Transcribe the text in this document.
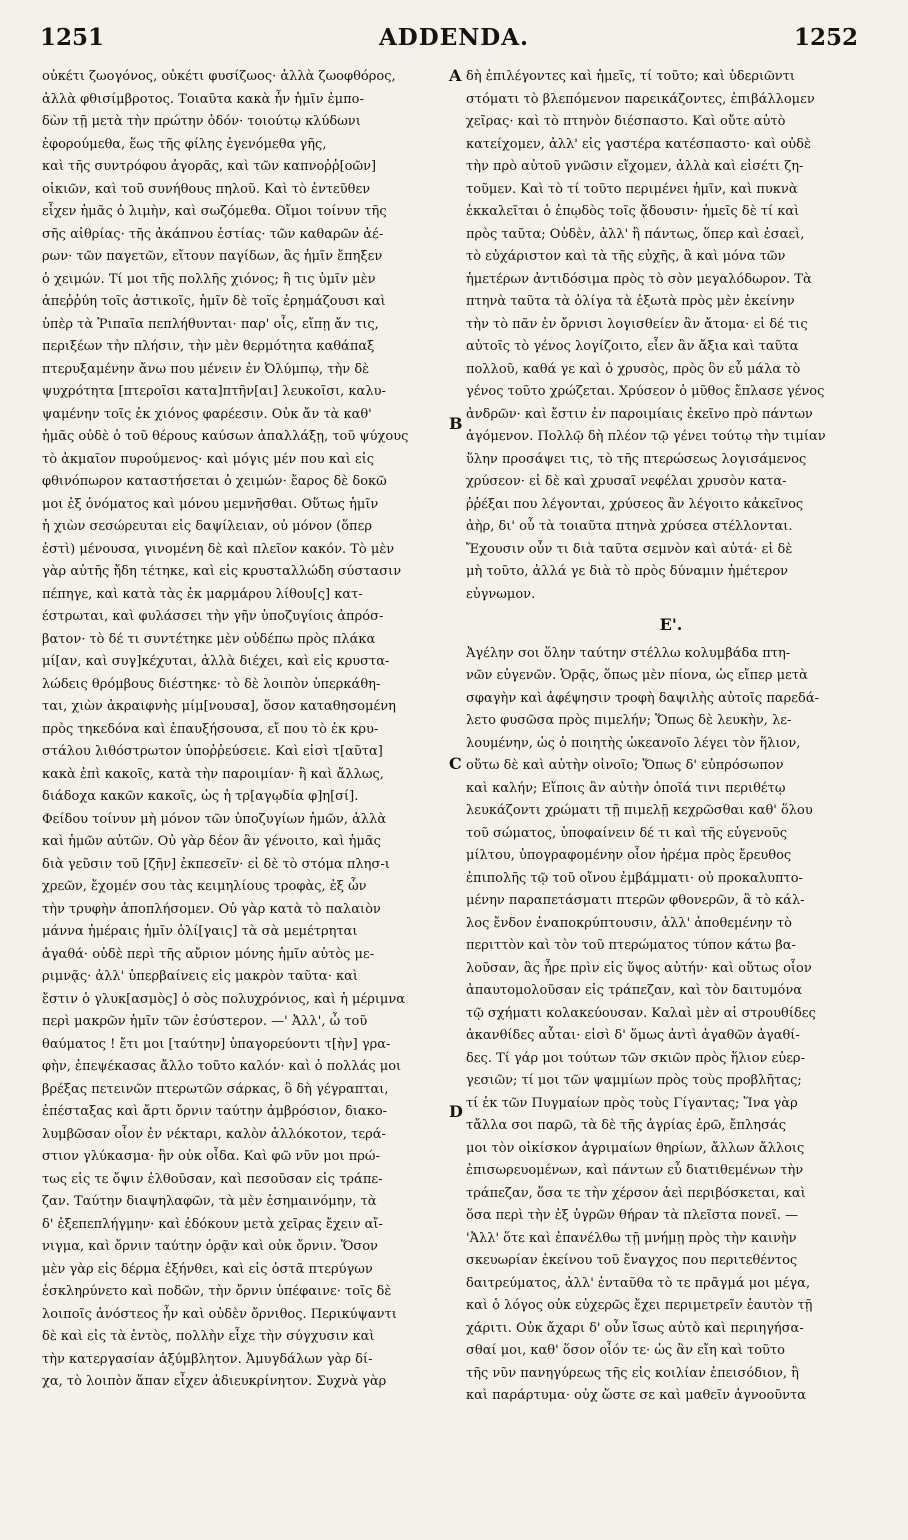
1251	ADDENDA.	1252
A
B
C
D
οὐκέτι ζωογόνος, οὐκέτι φυσίζωος· ἀλλὰ ζωοφθόρος,
ἀλλὰ φθισίμβροτος. Τοιαῦτα κακὰ ἦν ἡμῖν ἐμπο-
δὼν τῇ μετὰ τὴν πρώτην ὁδόν· τοιούτῳ κλύδωνι
ἐφορούμεθα, ἕως τῆς φίλης ἐγενόμεθα γῆς,
καὶ τῆς συντρόφου ἀγορᾶς, καὶ τῶν καπνοῤῥ[οῶν]
οἰκιῶν, καὶ τοῦ συνήθους πηλοῦ. Καὶ τὸ ἐντεῦθεν
εἶχεν ἡμᾶς ὁ λιμὴν, καὶ σωζόμεθα. Οἴμοι τοίνυν τῆς
σῆς αἰθρίας· τῆς ἀκάπνου ἑστίας· τῶν καθαρῶν ἀέ-
ρων· τῶν παγετῶν, εἴτουν παγίδων, ἃς ἡμῖν ἔπηξεν
ὁ χειμών. Τί μοι τῆς πολλῆς χιόνος; ἣ τις ὑμῖν μὲν
ἀπεῤῥύη τοῖς ἀστικοῖς, ἡμῖν δὲ τοῖς ἐρημάζουσι καὶ
ὑπὲρ τὰ Ῥιπαῖα πεπλήθυνται· παρ' οἷς, εἴπῃ ἄν τις,
περιξέων τὴν πλήσιν, τὴν μὲν θερμότητα καθάπαξ
πτερυξαμένην ἄνω που μένειν ἐν Ὀλύμπῳ, τὴν δὲ
ψυχρότητα [πτεροῖσι κατα]πτῆν[αι] λευκοῖσι, καλυ-
ψαμένην τοῖς ἐκ χιόνος φαρέεσιν. Οὐκ ἄν τὰ καθ'
ἡμᾶς οὐδὲ ὁ τοῦ θέρους καύσων ἀπαλλάξῃ, τοῦ ψύχους
τὸ ἀκμαῖον πυρούμενος· καὶ μόγις μέν που καὶ εἰς
φθινόπωρον καταστήσεται ὁ χειμών· ἔαρος δὲ δοκῶ
μοι ἐξ ὀνόματος καὶ μόνου μεμνῆσθαι. Οὕτως ἡμῖν
ἡ χιὼν σεσώρευται εἰς δαψίλειαν, οὐ μόνον (ὅπερ
ἐστὶ) μένουσα, γινομένη δὲ καὶ πλεῖον κακόν. Τὸ μὲν
γὰρ αὐτῆς ἤδη τέτηκε, καὶ εἰς κρυσταλλώδη σύστασιν
πέπηγε, καὶ κατὰ τὰς ἐκ μαρμάρου λίθου[ς] κατ-
έστρωται, καὶ φυλάσσει τὴν γῆν ὑποζυγίοις ἀπρόσ-
βατον· τὸ δέ τι συντέτηκε μὲν οὐδέπω πρὸς πλάκα
μί[αν, καὶ συγ]κέχυται, ἀλλὰ διέχει, καὶ εἰς κρυστα-
λώδεις θρόμβους διέστηκε· τὸ δὲ λοιπὸν ὑπερκάθη-
ται, χιὼν ἀκραιφνὴς μίμ[νουσα], ὅσον καταθησομένη
πρὸς τηκεδόνα καὶ ἐπαυξήσουσα, εἴ που τὸ ἐκ κρυ-
στάλου λιθόστρωτον ὑποῤῥεύσειε. Καὶ εἰσὶ τ[αῦτα]
κακὰ ἐπὶ κακοῖς, κατὰ τὴν παροιμίαν· ἢ καὶ ἄλλως,
διάδοχα κακῶν κακοῖς, ὡς ἡ τρ[αγῳδία φ]η[σί].
Φείδου τοίνυν μὴ μόνον τῶν ὑποζυγίων ἡμῶν, ἀλλὰ
καὶ ἡμῶν αὐτῶν. Οὐ γὰρ δέον ἂν γένοιτο, καὶ ἡμᾶς
διὰ γεῦσιν τοῦ [ζῆν] ἐκπεσεῖν· εἰ δὲ τὸ στόμα πλησ-ι
χρεῶν, ἔχομέν σου τὰς κειμηλίους τροφὰς, ἐξ ὧν
τὴν τρυφὴν ἀποπλήσομεν. Οὐ γὰρ κατὰ τὸ παλαιὸν
μάννα ἡμέραις ἡμῖν ὀλί[γαις] τὰ σὰ μεμέτρηται
ἀγαθά· οὐδὲ περὶ τῆς αὔριον μόνης ἡμῖν αὐτὸς με-
ριμνᾷς· ἀλλ' ὑπερβαίνεις εἰς μακρὸν ταῦτα· καὶ
ἔστιν ὁ γλυκ[ασμὸς] ὁ σὸς πολυχρόνιος, καὶ ἡ μέριμνα
περὶ μακρῶν ἡμῖν τῶν ἐσύστερον. —' Ἀλλ', ὦ τοῦ
θαύματος ! ἔτι μοι [ταύτην] ὑπαγορεύοντι τ[ὴν] γρα-
φὴν, ἐπεψέκασας ἄλλο τοῦτο καλόν· καὶ ὁ πολλάς μοι
βρέξας πετεινῶν πτερωτῶν σάρκας, ὃ δὴ γέγραπται,
ἐπέσταξας καὶ ἄρτι ὄρνιν ταύτην ἀμβρόσιον, διακο-
λυμβῶσαν οἷον ἐν νέκταρι, καλὸν ἀλλόκοτον, τερά-
στιον γλύκασμα· ἣν οὐκ οἶδα. Καὶ φῶ νῦν μοι πρώ-
τως εἰς τε ὄψιν ἐλθοῦσαν, καὶ πεσοῦσαν εἰς τράπε-
ζαν. Ταύτην διαψηλαφῶν, τὰ μὲν ἐσημαινόμην, τὰ
δ' ἐξεπεπλήγμην· καὶ ἐδόκουν μετὰ χεῖρας ἔχειν αἴ-
νιγμα, καὶ ὄρνιν ταύτην ὁρᾷν καὶ οὐκ ὄρνιν. Ὅσον
μὲν γὰρ εἰς δέρμα ἐξήνθει, καὶ εἰς ὀστᾶ πτερύγων
ἐσκληρύνετο καὶ ποδῶν, τὴν ὄρνιν ὑπέφαινε· τοῖς δὲ
λοιποῖς ἀνόστεος ἦν καὶ οὐδὲν ὄρνιθος. Περικύψαντι
δὲ καὶ εἰς τὰ ἐντὸς, πολλὴν εἶχε τὴν σύγχυσιν καὶ
τὴν κατεργασίαν ἀξύμβλητον. Ἀμυγδάλων γὰρ δί-
χα, τὸ λοιπὸν ἅπαν εἶχεν ἀδιευκρίνητον. Συχνὰ γὰρ
δὴ ἐπιλέγοντες καὶ ἡμεῖς, τί τοῦτο; καὶ ὑδεριῶντι
στόματι τὸ βλεπόμενον παρεικάζοντες, ἐπιβάλλομεν
χεῖρας· καὶ τὸ πτηνὸν διέσπαστο. Καὶ οὔτε αὐτὸ
κατείχομεν, ἀλλ' εἰς γαστέρα κατέσπαστο· καὶ οὐδὲ
τὴν πρὸ αὐτοῦ γνῶσιν εἴχομεν, ἀλλὰ καὶ εἰσέτι ζη-
τοῦμεν. Καὶ τὸ τί τοῦτο περιμένει ἡμῖν, καὶ πυκνὰ
ἐκκαλεῖται ὁ ἐπῳδὸς τοῖς ᾄδουσιν· ἡμεῖς δὲ τί καὶ
πρὸς ταῦτα; Οὐδὲν, ἀλλ' ἢ πάντως, ὅπερ καὶ ἐσαεὶ,
τὸ εὐχάριστον καὶ τὰ τῆς εὐχῆς, ἃ καὶ μόνα τῶν
ἡμετέρων ἀντιδόσιμα πρὸς τὸ σὸν μεγαλόδωρον. Τὰ
πτηνὰ ταῦτα τὰ ὀλίγα τὰ ἐξωτὰ πρὸς μὲν ἐκείνην
τὴν τὸ πᾶν ἐν ὄρνισι λογισθείεν ἂν ἄτομα· εἰ δέ τις
αὐτοῖς τὸ γένος λογίζοιτο, εἶεν ἂν ἄξια καὶ ταῦτα
πολλοῦ, καθά γε καὶ ὁ χρυσὸς, πρὸς ὃν εὖ μάλα τὸ
γένος τοῦτο χρώζεται. Χρύσεον ὁ μῦθος ἔπλασε γένος
ἀνδρῶν· καὶ ἔστιν ἐν παροιμίαις ἐκεῖνο πρὸ πάντων
ἀγόμενον. Πολλῷ δὴ πλέον τῷ γένει τούτῳ τὴν τιμίαν
ὕλην προσάψει τις, τὸ τῆς πτερώσεως λογισάμενος
χρύσεον· εἰ δὲ καὶ χρυσαῖ νεφέλαι χρυσὸν κατα-
ῤῥέξαι που λέγονται, χρύσεος ἂν λέγοιτο κἀκεῖνος
ἀὴρ, δι' οὗ τὰ τοιαῦτα πτηνὰ χρύσεα στέλλονται.
Ἔχουσιν οὖν τι διὰ ταῦτα σεμνὸν καὶ αὐτά· εἰ δὲ
μὴ τοῦτο, ἀλλά γε διὰ τὸ πρὸς δύναμιν ἡμέτερον
εὐγνωμον.
E'.
Ἀγέλην σοι ὅλην ταύτην στέλλω κολυμβάδα πτη-
νῶν εὐγενῶν. Ὁρᾷς, ὅπως μὲν πίονα, ὡς εἴπερ μετὰ
σφαγὴν καὶ ἀφέψησιν τροφὴ δαψιλὴς αὐτοῖς παρεδά-
λετο φυσῶσα πρὸς πιμελήν; Ὅπως δὲ λευκὴν, λε-
λουμένην, ὡς ὁ ποιητὴς ὠκεανοῖο λέγει τὸν ἥλιον,
οὕτω δὲ καὶ αὐτὴν οἰνοῖο; Ὅπως δ' εὐπρόσωπον
καὶ καλήν; Εἴποις ἂν αὐτὴν ὁποῖά τινι περιθέτῳ
λευκάζοντι χρώματι τῇ πιμελῇ κεχρῶσθαι καθ' ὅλου
τοῦ σώματος, ὑποφαίνειν δέ τι καὶ τῆς εὐγενοῦς
μίλτου, ὑπογραφομένην οἷον ἠρέμα πρὸς ἔρευθος
ἐπιπολῆς τῷ τοῦ οἴνου ἐμβάμματι· οὐ προκαλυπτο-
μένην παραπετάσματι πτερῶν φθονερῶν, ἃ τὸ κάλ-
λος ἔνδον ἐναποκρύπτουσιν, ἀλλ' ἀποθεμένην τὸ
περιττὸν καὶ τὸν τοῦ πτερώματος τύπον κάτω βα-
λοῦσαν, ἃς ἦρε πρὶν εἰς ὕψος αὐτήν· καὶ οὕτως οἷον
ἀπαυτομολοῦσαν εἰς τράπεζαν, καὶ τὸν δαιτυμόνα
τῷ σχήματι κολακεύουσαν. Καλαὶ μὲν αἱ στρουθίδες
ἀκανθίδες αὗται· εἰσὶ δ' ὅμως ἀντὶ ἀγαθῶν ἀγαθί-
δες. Τί γάρ μοι τούτων τῶν σκιῶν πρὸς ἥλιον εὐερ-
γεσιῶν; τί μοι τῶν ψαμμίων πρὸς τοὺς προβλῆτας;
τί ἐκ τῶν Πυγμαίων πρὸς τοὺς Γίγαντας; Ἵνα γὰρ
τἄλλα σοι παρῶ, τὰ δὲ τῆς ἀγρίας ἐρῶ, ἔπλησάς
μοι τὸν οἰκίσκον ἀγριμαίων θηρίων, ἄλλων ἄλλοις
ἐπισωρευομένων, καὶ πάντων εὖ διατιθεμένων τὴν
τράπεζαν, ὅσα τε τὴν χέρσον ἀεὶ περιβόσκεται, καὶ
ὅσα περὶ τὴν ἐξ ὑγρῶν θήραν τὰ πλεῖστα πονεῖ. —
'Ἀλλ' ὅτε καὶ ἐπανέλθω τῇ μνήμῃ πρὸς τὴν καινὴν
σκευωρίαν ἐκείνου τοῦ ἔναγχος που περιτεθέντος
δαιτρεύματος, ἀλλ' ἐνταῦθα τὸ τε πρᾶγμά μοι μέγα,
καὶ ὁ λόγος οὐκ εὐχερῶς ἔχει περιμετρεῖν ἑαυτὸν τῇ
χάριτι. Οὐκ ἄχαρι δ' οὖν ἴσως αὐτὸ καὶ περιηγήσα-
σθαί μοι, καθ' ὅσον οἷόν τε· ὡς ἂν εἴη καὶ τοῦτο
τῆς νῦν πανηγύρεως τῆς εἰς κοιλίαν ἐπεισόδιον, ἢ
καὶ παράρτυμα· οὐχ ὥστε σε καὶ μαθεῖν ἀγνοοῦντα
